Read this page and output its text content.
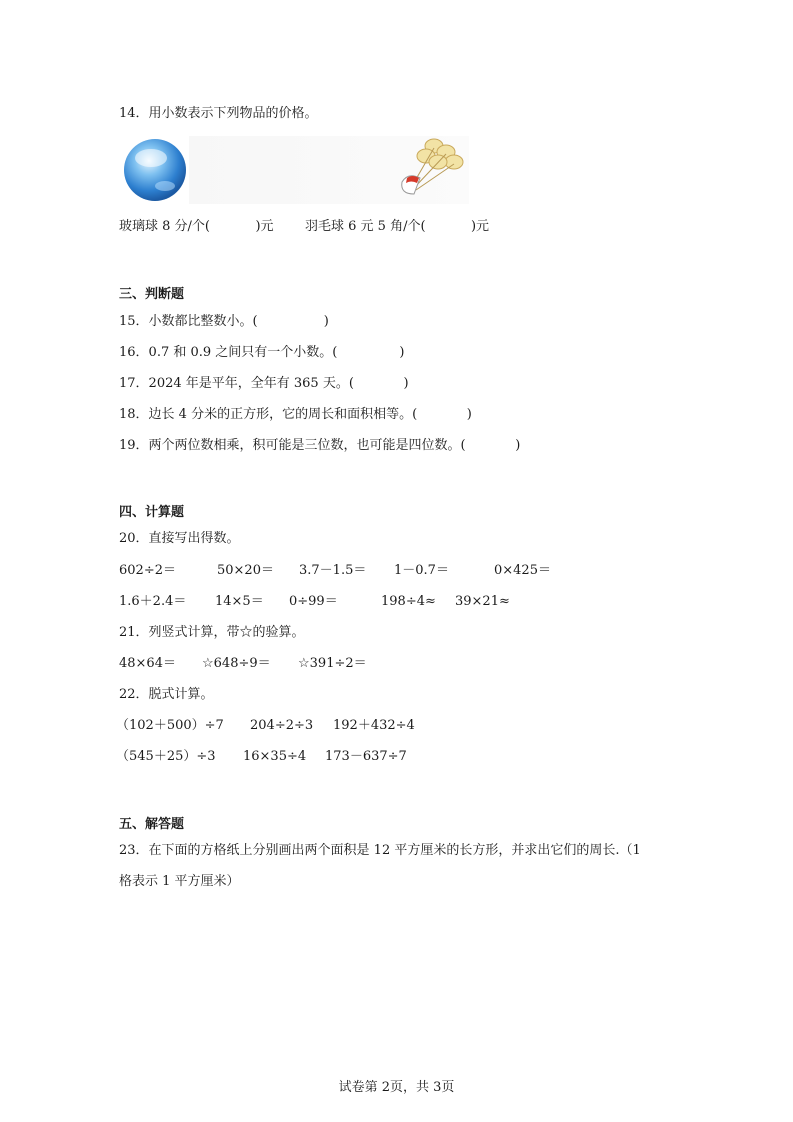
14．用小数表示下列物品的价格。
玻璃球 8 分/个(           )元 羽毛球 6 元 5 角/个(           )元
三、判断题
15．小数都比整数小。(                )
16．0.7 和 0.9 之间只有一个小数。(               )
17．2024 年是平年，全年有 365 天。(            )
18．边长 4 分米的正方形，它的周长和面积相等。(            )
19．两个两位数相乘，积可能是三位数，也可能是四位数。(            )
四、计算题
20．直接写出得数。
602÷2＝	50×20＝ 3.7－1.5＝ 1－0.7＝	0×425＝
1.6＋2.4＝ 14×5＝ 0÷99＝	198÷4≈ 39×21≈
21．列竖式计算，带☆的验算。
48×64＝ ☆648÷9＝ ☆391÷2＝
22．脱式计算。
（102＋500）÷7 204÷2÷3 192＋432÷4
（545＋25）÷3 16×35÷4 173－637÷7
五、解答题
23．在下面的方格纸上分别画出两个面积是 12 平方厘米的长方形，并求出它们的周长.（1
格表示 1 平方厘米）
试卷第 2页，共 3页
